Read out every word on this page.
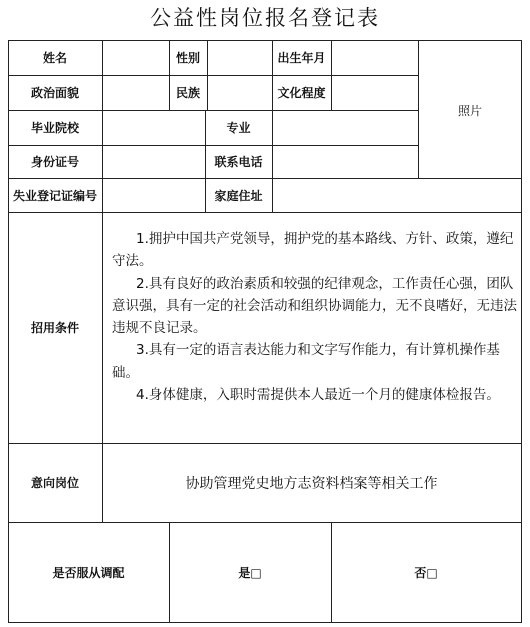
公益性岗位报名登记表
姓名	性别	出生年月
政治面貌	民族	文化程度
照片
毕业院校	专业
身份证号	联系电话
失业登记证编号	家庭住址
招用条件

1.拥护中国共产党领导，拥护党的基本路线、方针、政策，遵纪守法。

2.具有良好的政治素质和较强的纪律观念，工作责任心强，团队意识强，具有一定的社会活动和组织协调能力，无不良嗜好，无违法违规不良记录。

3.具有一定的语言表达能力和文字写作能力，有计算机操作基础。

4.身体健康，入职时需提供本人最近一个月的健康体检报告。

意向岗位	协助管理党史地方志资料档案等相关工作
是否服从调配	是□	否□
